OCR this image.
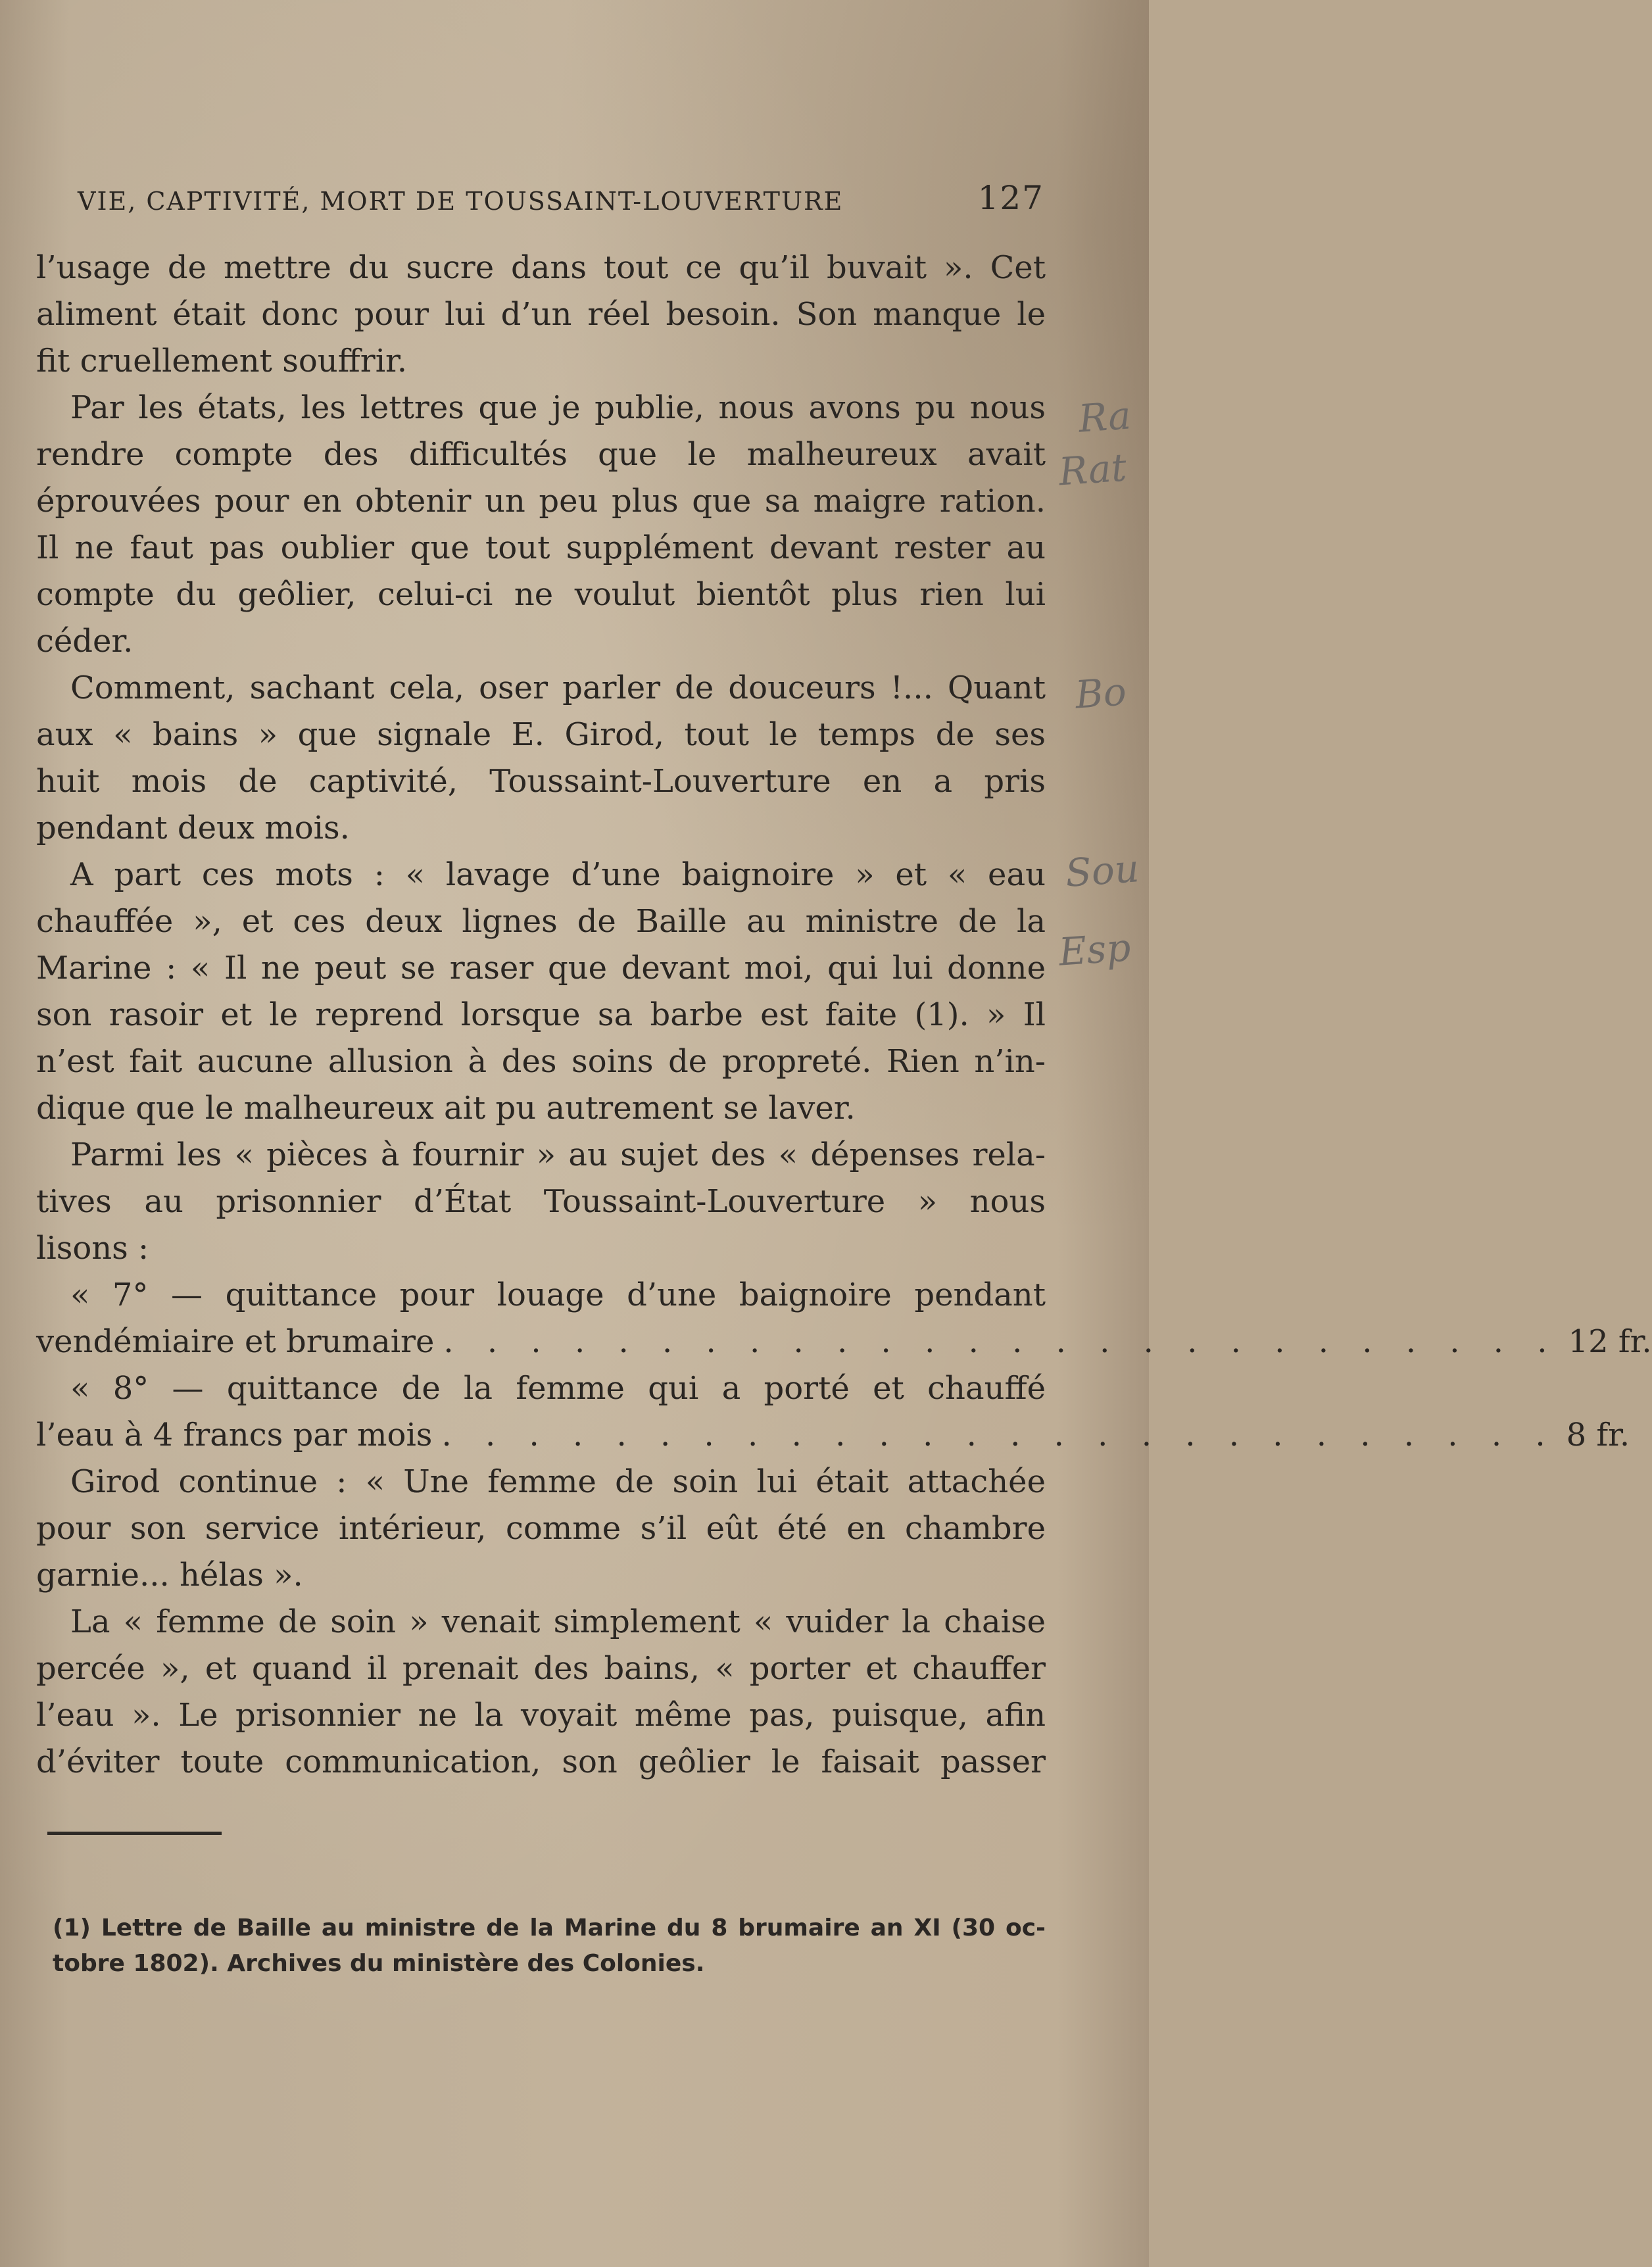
VIE, CAPTIVITÉ, MORT DE TOUSSAINT-LOUVERTURE	127
l’usage de mettre du sucre dans tout ce qu’il buvait ». Cet
aliment était donc pour lui d’un réel besoin. Son manque le
fit cruellement souffrir.
Par les états, les lettres que je publie, nous avons pu nous
rendre compte des difficultés que le malheureux avait
éprouvées pour en obtenir un peu plus que sa maigre ration.
Il ne faut pas oublier que tout supplément devant rester au
compte du geôlier, celui-ci ne voulut bientôt plus rien lui
céder.
Comment, sachant cela, oser parler de douceurs !... Quant
aux « bains » que signale E. Girod, tout le temps de ses
huit mois de captivité, Toussaint-Louverture en a pris
pendant deux mois.
A part ces mots : « lavage d’une baignoire » et « eau
chauffée », et ces deux lignes de Baille au ministre de la
Marine : « Il ne peut se raser que devant moi, qui lui donne
son rasoir et le reprend lorsque sa barbe est faite (1). » Il
n’est fait aucune allusion à des soins de propreté. Rien n’in-
dique que le malheureux ait pu autrement se laver.
Parmi les « pièces à fournir » au sujet des « dépenses rela-
tives au prisonnier d’État Toussaint-Louverture » nous
lisons :
« 7° — quittance pour louage d’une baignoire pendant
vendémiaire et brumaire . . . . . . . . . . . . . . . . . . . . . . . . . . 12 fr.
« 8° — quittance de la femme qui a porté et chauffé
l’eau à 4 francs par mois . . . . . . . . . . . . . . . . . . . . . . . . . . 8 fr.
Girod continue : « Une femme de soin lui était attachée
pour son service intérieur, comme s’il eût été en chambre
garnie... hélas ».
La « femme de soin » venait simplement « vuider la chaise
percée », et quand il prenait des bains, « porter et chauffer
l’eau ». Le prisonnier ne la voyait même pas, puisque, afin
d’éviter toute communication, son geôlier le faisait passer
(1) Lettre de Baille au ministre de la Marine du 8 brumaire an XI (30 oc-
tobre 1802). Archives du ministère des Colonies.
Ra
Rat
Bo
Sou
Esp
